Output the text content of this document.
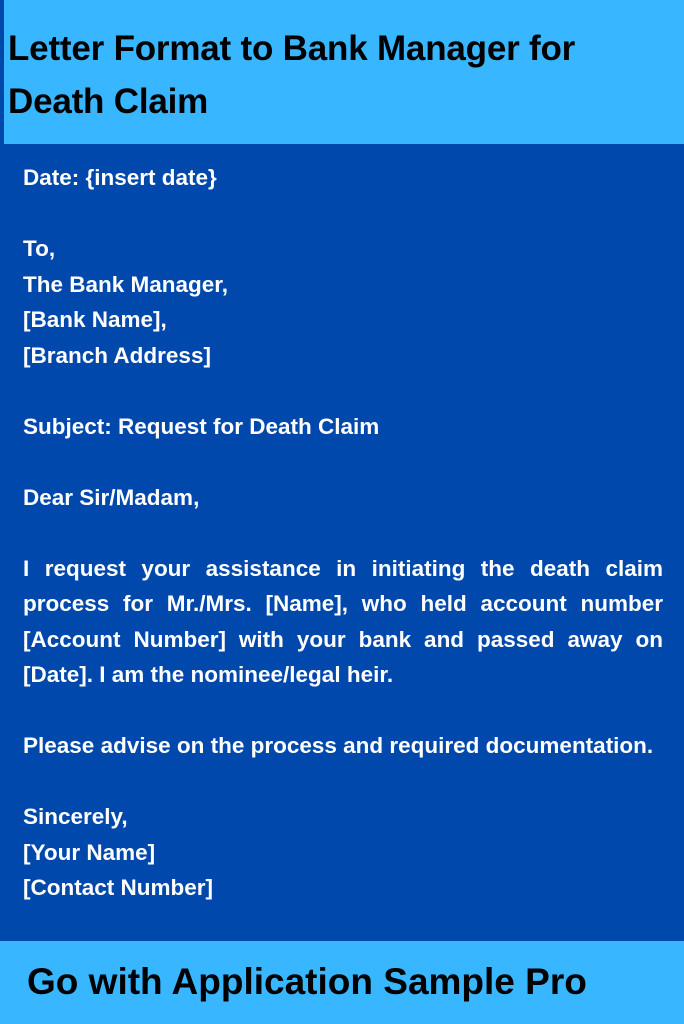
Letter Format to Bank Manager for Death Claim
Date: {insert date}
To,
The Bank Manager,
[Bank Name],
[Branch Address]
Subject: Request for Death Claim
Dear Sir/Madam,
I request your assistance in initiating the death claim process for Mr./Mrs. [Name], who held account number [Account Number] with your bank and passed away on [Date]. I am the nominee/legal heir.
Please advise on the process and required documentation.
Sincerely,
[Your Name]
[Contact Number]

Go with Application Sample Pro
